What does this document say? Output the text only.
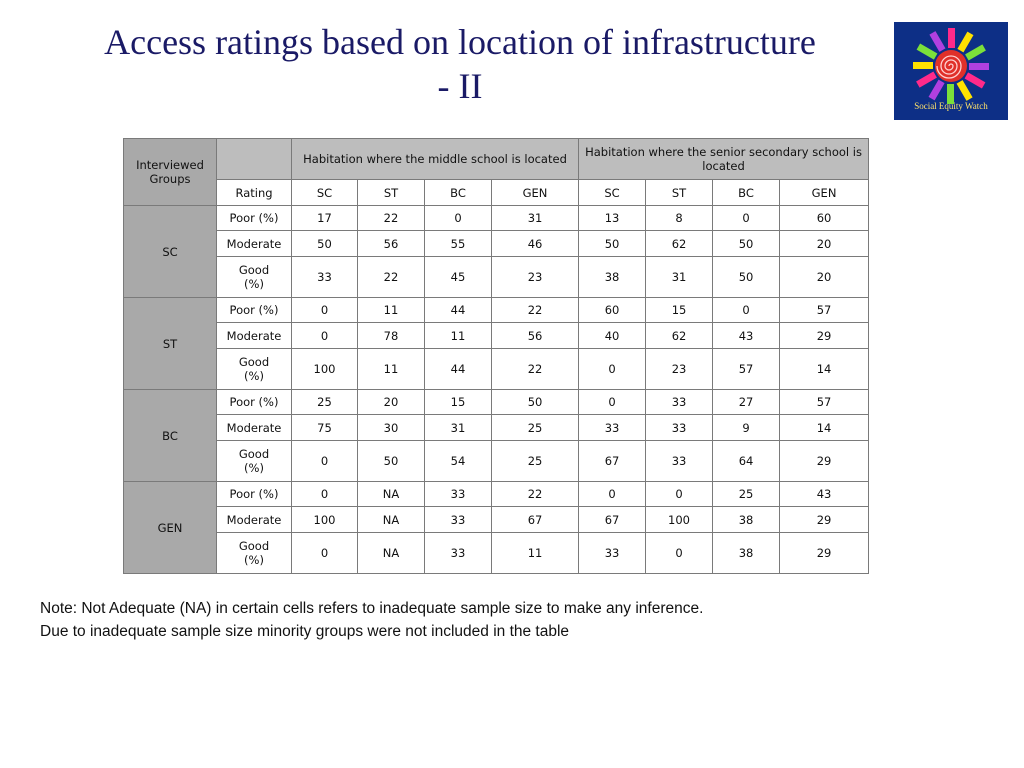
Access ratings based on location of infrastructure - II	Social Equity Watch
Interviewed Groups		Habitation where the middle school is located				Habitation where the senior secondary school is located			
	Rating	SC	ST	BC	GEN	SC	ST	BC	GEN
SC	Poor (%)	17	22	0	31	13	8	0	60
	Moderate	50	56	55	46	50	62	50	20
	Good (%)	33	22	45	23	38	31	50	20
ST	Poor (%)	0	11	44	22	60	15	0	57
	Moderate	0	78	11	56	40	62	43	29
	Good (%)	100	11	44	22	0	23	57	14
BC	Poor (%)	25	20	15	50	0	33	27	57
	Moderate	75	30	31	25	33	33	9	14
	Good (%)	0	50	54	25	67	33	64	29
GEN	Poor (%)	0	NA	33	22	0	0	25	43
	Moderate	100	NA	33	67	67	100	38	29
	Good (%)	0	NA	33	11	33	0	38	29
Note: Not Adequate (NA) in certain cells refers to inadequate sample size to make any inference.
Due to inadequate sample size minority groups were not included in the table
